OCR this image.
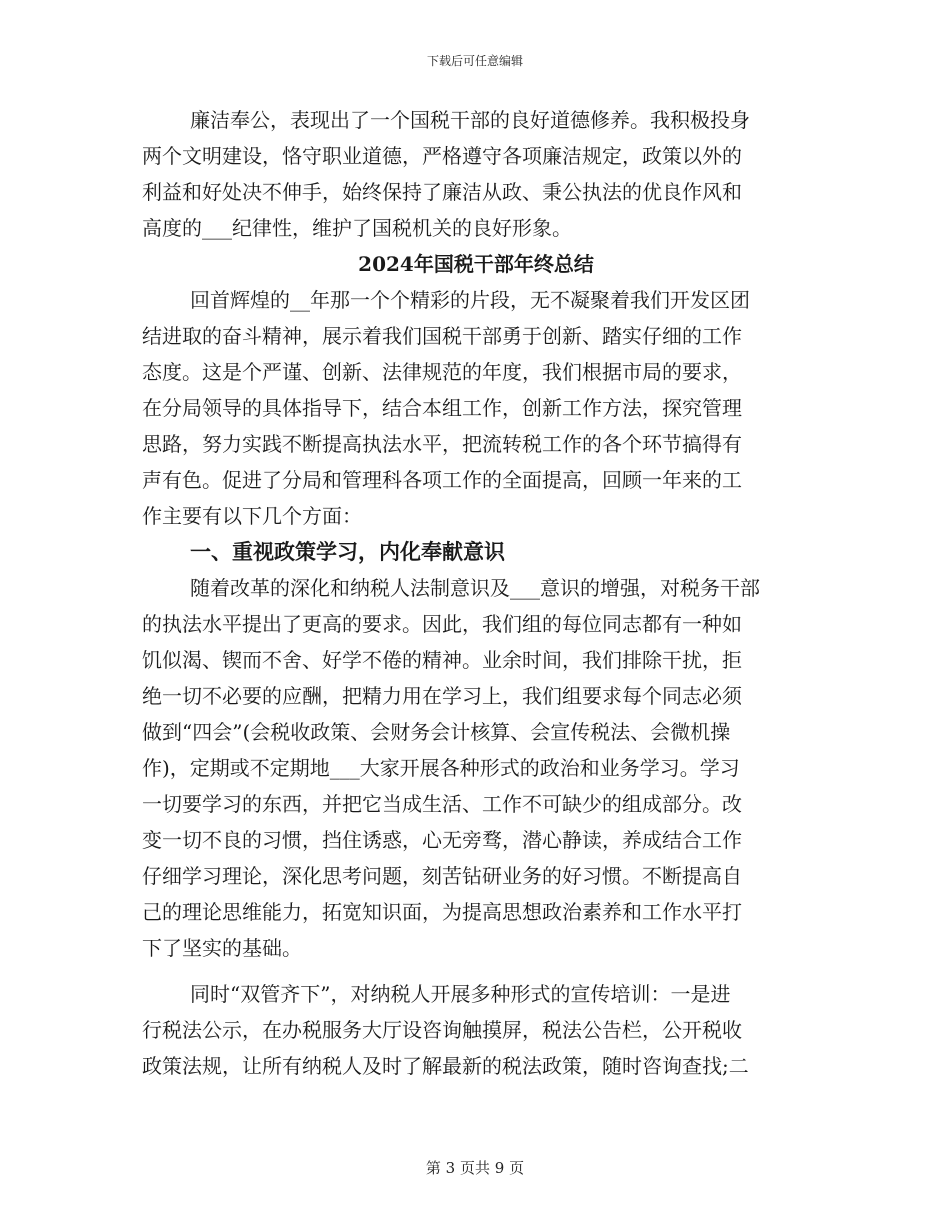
下载后可任意编辑
廉洁奉公，表现出了一个国税干部的良好道德修养。我积极投身
两个文明建设，恪守职业道德，严格遵守各项廉洁规定，政策以外的
利益和好处决不伸手，始终保持了廉洁从政、秉公执法的优良作风和
高度的___纪律性，维护了国税机关的良好形象。
2024年国税干部年终总结
回首辉煌的__年那一个个精彩的片段，无不凝聚着我们开发区团
结进取的奋斗精神，展示着我们国税干部勇于创新、踏实仔细的工作
态度。这是个严谨、创新、法律规范的年度，我们根据市局的要求，
在分局领导的具体指导下，结合本组工作，创新工作方法，探究管理
思路，努力实践不断提高执法水平，把流转税工作的各个环节搞得有
声有色。促进了分局和管理科各项工作的全面提高，回顾一年来的工
作主要有以下几个方面：
一、重视政策学习，内化奉献意识
随着改革的深化和纳税人法制意识及___意识的增强，对税务干部
的执法水平提出了更高的要求。因此，我们组的每位同志都有一种如
饥似渴、锲而不舍、好学不倦的精神。业余时间，我们排除干扰，拒
绝一切不必要的应酬，把精力用在学习上，我们组要求每个同志必须
做到“四会”(会税收政策、会财务会计核算、会宣传税法、会微机操
作)，定期或不定期地___大家开展各种形式的政治和业务学习。学习
一切要学习的东西，并把它当成生活、工作不可缺少的组成部分。改
变一切不良的习惯，挡住诱惑，心无旁骛，潜心静读，养成结合工作
仔细学习理论，深化思考问题，刻苦钻研业务的好习惯。不断提高自
己的理论思维能力，拓宽知识面，为提高思想政治素养和工作水平打
下了坚实的基础。
同时“双管齐下”，对纳税人开展多种形式的宣传培训：一是进
行税法公示，在办税服务大厅设咨询触摸屏，税法公告栏，公开税收
政策法规，让所有纳税人及时了解最新的税法政策，随时咨询查找;二
第 3 页共 9 页
